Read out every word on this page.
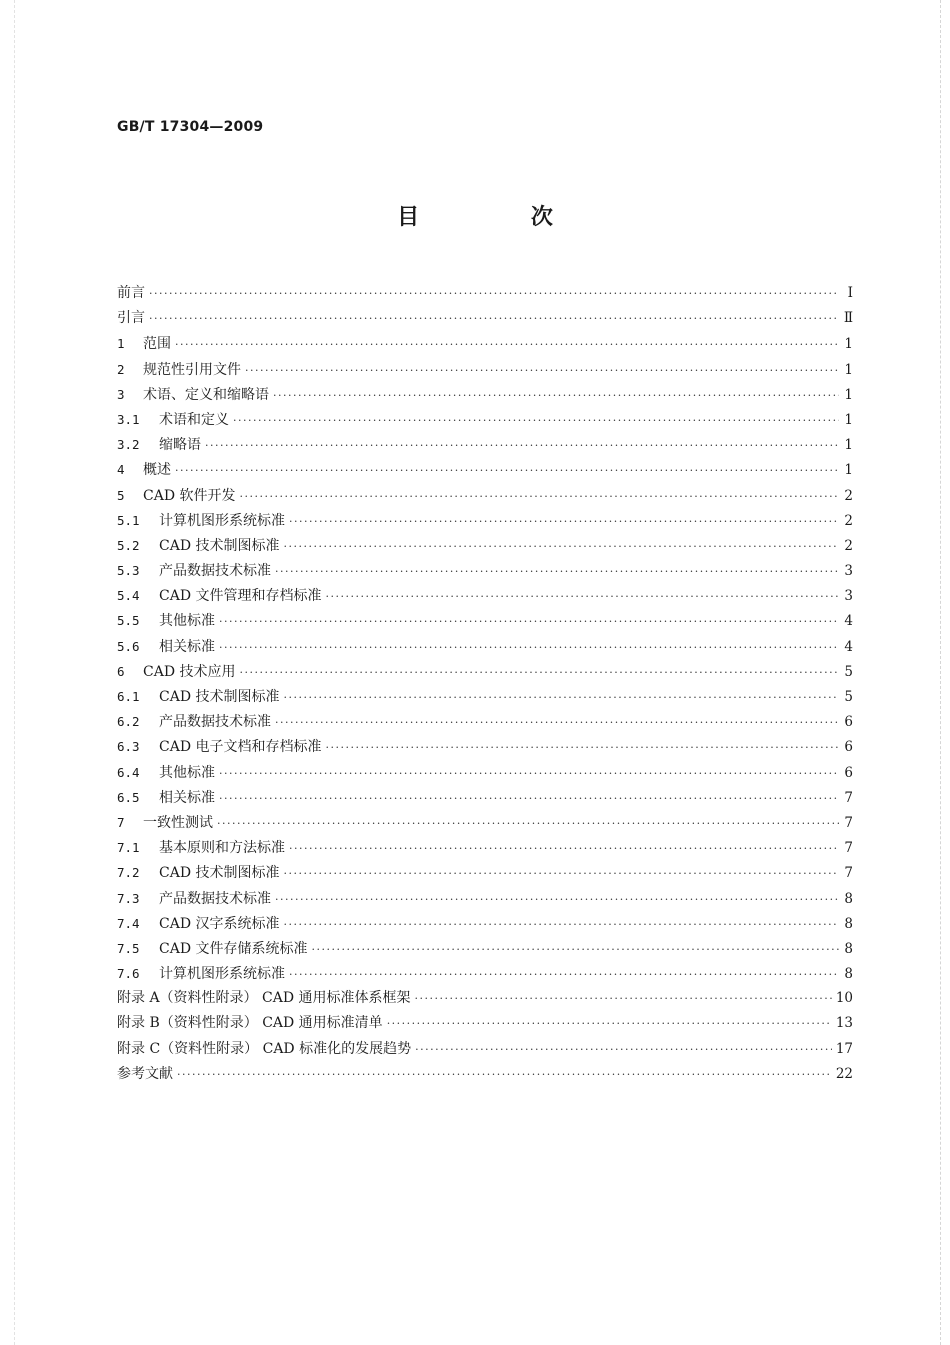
GB/T 17304—2009
目 次
前言 ·····	Ⅰ
引言 ·····	Ⅱ
1	范围 ·····	1
2	规范性引用文件 ·····	1
3	术语、定义和缩略语 ·····	1
3.1	术语和定义 ·····	1
3.2	缩略语 ·····	1
4	概述 ·····	1
5	CAD 软件开发 ·····	2
5.1	计算机图形系统标准 ·····	2
5.2	CAD 技术制图标准 ·····	2
5.3	产品数据技术标准 ·····	3
5.4	CAD 文件管理和存档标准 ·····	3
5.5	其他标准 ·····	4
5.6	相关标准 ·····	4
6	CAD 技术应用 ·····	5
6.1	CAD 技术制图标准 ·····	5
6.2	产品数据技术标准 ·····	6
6.3	CAD 电子文档和存档标准 ·····	6
6.4	其他标准 ·····	6
6.5	相关标准 ·····	7
7	一致性测试 ·····	7
7.1	基本原则和方法标准 ·····	7
7.2	CAD 技术制图标准 ·····	7
7.3	产品数据技术标准 ·····	8
7.4	CAD 汉字系统标准 ·····	8
7.5	CAD 文件存储系统标准 ·····	8
7.6	计算机图形系统标准 ·····	8
附录 A（资料性附录） CAD 通用标准体系框架 ·····	10
附录 B（资料性附录） CAD 通用标准清单 ·····	13
附录 C（资料性附录） CAD 标准化的发展趋势 ·····	17
参考文献 ·····	22
